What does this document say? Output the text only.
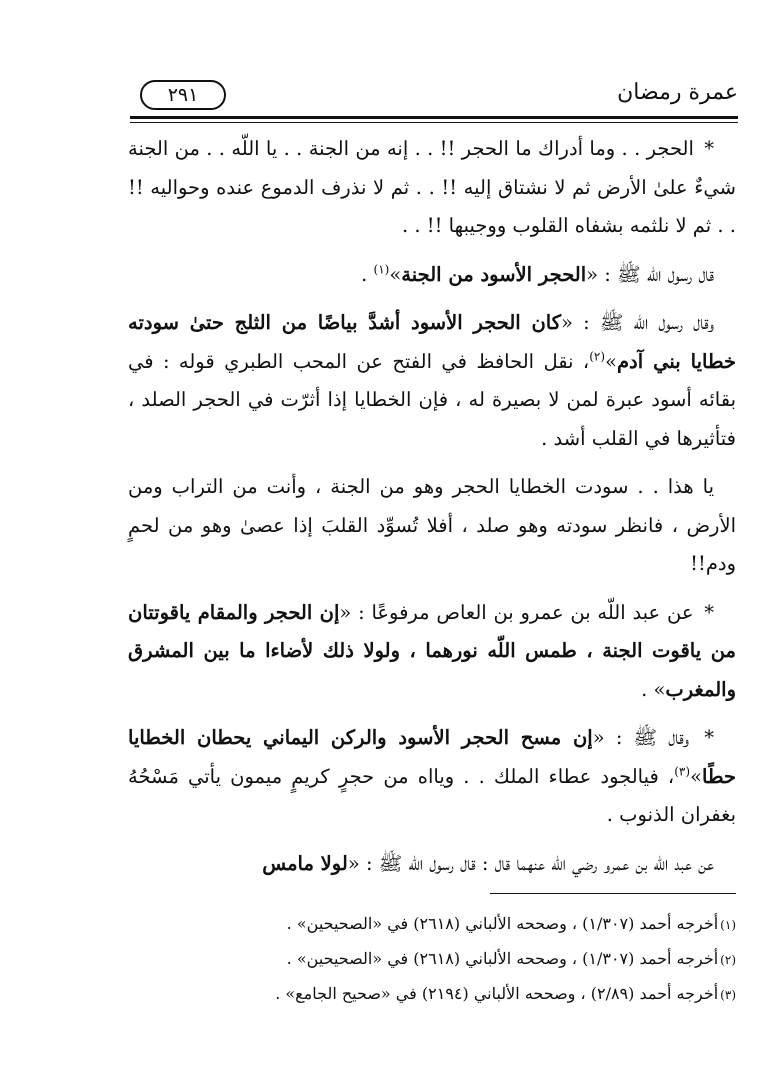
٢٩١	عمرة رمضان

* الحجر . . وما أدراك ما الحجر !! . . إنه من الجنة . . يا اللّه . . من الجنة شيءٌ علىٰ الأرض ثم لا نشتاق إليه !! . . ثم لا نذرف الدموع عنده وحواليه !! . . ثم لا نلثمه بشفاه القلوب ووجيبها !! . .

قال رسول اللّه ﷺ : «الحجر الأسود من الجنة»$^{(١)}$ .

وقال رسول اللّه ﷺ : «كان الحجر الأسود أشدَّ بياضًا من الثلج حتىٰ سودته خطايا بني آدم»$^{(٢)}$، نقل الحافظ في الفتح عن المحب الطبري قوله : في بقائه أسود عبرة لمن لا بصيرة له ، فإن الخطايا إذا أثرّت في الحجر الصلد ، فتأثيرها في القلب أشد .

يا هذا . . سودت الخطايا الحجر وهو من الجنة ، وأنت من التراب ومن الأرض ، فانظر سودته وهو صلد ، أفلا تُسوِّد القلبَ إذا عصىٰ وهو من لحمٍ ودم!!

* عن عبد اللّه بن عمرو بن العاص مرفوعًا : «إن الحجر والمقام ياقوتتان من ياقوت الجنة ، طمس اللّه نورهما ، ولولا ذلك لأضاءا ما بين المشرق والمغرب» .

* وقال ﷺ : «إن مسح الحجر الأسود والركن اليماني يحطان الخطايا حطًا»$^{(٣)}$، فيالجود عطاء الملك . . ويااه من حجرٍ كريمٍ ميمون يأتي مَسْحُهُ بغفران الذنوب .

عن عبد اللّه بن عمرو رضي الله عنهما قال : قال رسول اللّه ﷺ : «لولا مامس

(١)أخرجه أحمد (١/٣٠٧) ، وصححه الألباني (٢٦١٨) في «الصحيحين» .
(٢)أخرجه أحمد (١/٣٠٧) ، وصححه الألباني (٢٦١٨) في «الصحيحين» .
(٣)أخرجه أحمد (٢/٨٩) ، وصححه الألباني (٢١٩٤) في «صحيح الجامع» .
